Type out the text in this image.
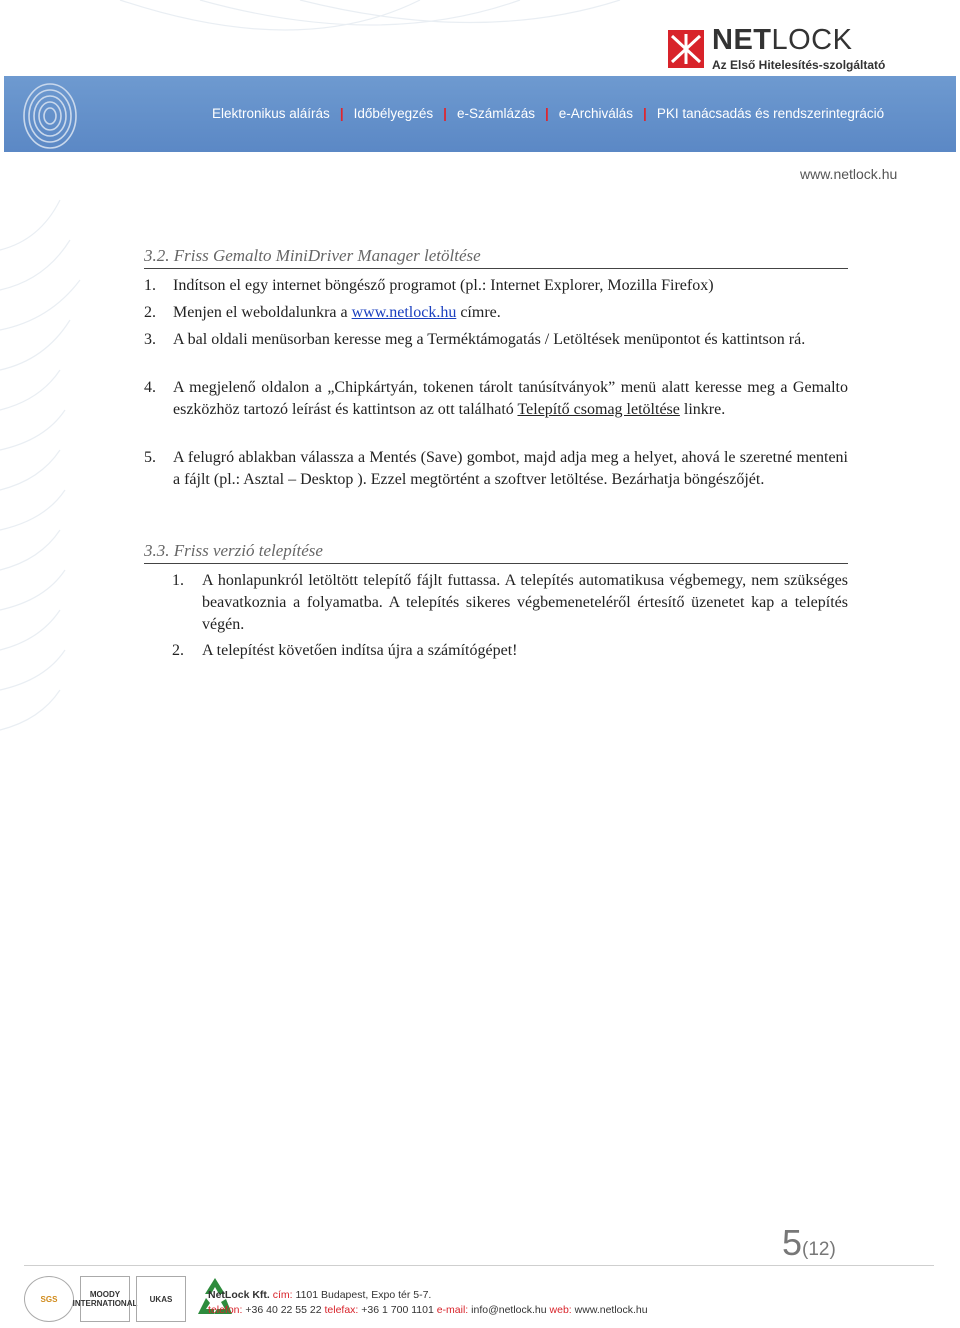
NETLOCK
Az Első Hitelesítés-szolgáltató
Elektronikus aláírás | Időbélyegzés | e-Számlázás | e-Archiválás | PKI tanácsadás és rendszerintegráció
www.netlock.hu
3.2. Friss Gemalto MiniDriver Manager letöltése
1. Indítson el egy internet böngésző programot (pl.: Internet Explorer, Mozilla Firefox)
2. Menjen el weboldalunkra a www.netlock.hu címre.
3. A bal oldali menüsorban keresse meg a Terméktámogatás / Letöltések menüpontot és kattintson rá.
4. A megjelenő oldalon a „Chipkártyán, tokenen tárolt tanúsítványok” menü alatt keresse meg a Gemalto eszközhöz tartozó leírást és kattintson az ott található Telepítő csomag letöltése linkre.
5. A felugró ablakban válassza a Mentés (Save) gombot, majd adja meg a helyet, ahová le szeretné menteni a fájlt (pl.: Asztal – Desktop ). Ezzel megtörtént a szoftver letöltése. Bezárhatja böngészőjét.
3.3. Friss verzió telepítése
1. A honlapunkról letöltött telepítő fájlt futtassa. A telepítés automatikusa végbemegy, nem szükséges beavatkoznia a folyamatba. A telepítés sikeres végbemeneteléről értesítő üzenetet kap a telepítés végén.
2. A telepítést követően indítsa újra a számítógépet!
5(12)
SGS	MOODY INTERNATIONAL	UKAS	NetLock Kft. cím: 1101 Budapest, Expo tér 5-7.
telefon: +36 40 22 55 22 telefax: +36 1 700 1101 e-mail: info@netlock.hu web: www.netlock.hu
